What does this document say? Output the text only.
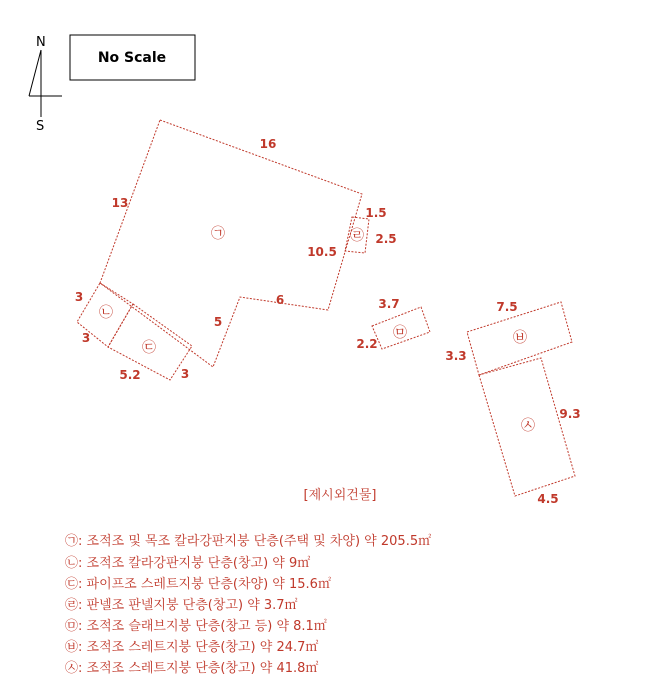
N
S
No Scale
㉠
㉡
㉢
㉣
㉤	㉥
㉦
16
13
10.5
6
5
3
3
5.2	3
1.5
2.5
3.7
2.2
7.5
3.3
9.3
4.5
[제시외건물]
㉠: 조적조 및 목조 칼라강판지붕 단층(주택 및 차양) 약 205.5㎡
㉡: 조적조 칼라강판지붕 단층(창고) 약 9㎡
㉢: 파이프조 스레트지붕 단층(차양) 약 15.6㎡
㉣: 판넬조 판넬지붕 단층(창고) 약 3.7㎡
㉤: 조적조 슬래브지붕 단층(창고 등) 약 8.1㎡
㉥: 조적조 스레트지붕 단층(창고) 약 24.7㎡
㉦: 조적조 스레트지붕 단층(창고) 약 41.8㎡
